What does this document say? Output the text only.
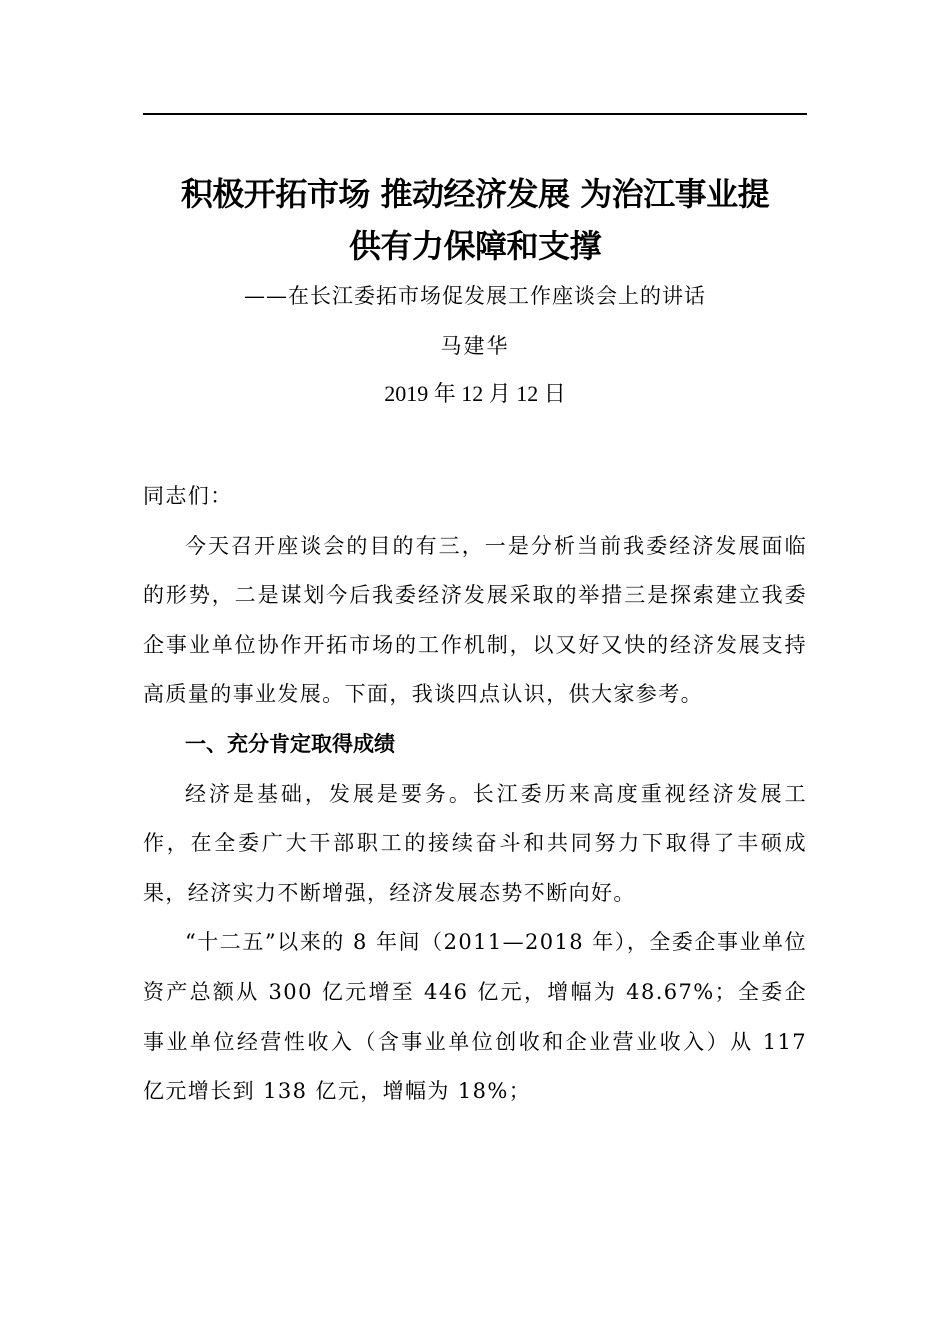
积极开拓市场 推动经济发展 为治江事业提
供有力保障和支撑
——在长江委拓市场促发展工作座谈会上的讲话
马建华
2019 年 12 月 12 日

同志们：

今天召开座谈会的目的有三，一是分析当前我委经济发展面临的形势，二是谋划今后我委经济发展采取的举措三是探索建立我委企事业单位协作开拓市场的工作机制，以又好又快的经济发展支持高质量的事业发展。下面，我谈四点认识，供大家参考。

一、充分肯定取得成绩

经济是基础，发展是要务。长江委历来高度重视经济发展工作，在全委广大干部职工的接续奋斗和共同努力下取得了丰硕成果，经济实力不断增强，经济发展态势不断向好。

“十二五”以来的 8 年间（2011—2018 年），全委企事业单位资产总额从 300 亿元增至 446 亿元，增幅为 48.67%；全委企事业单位经营性收入（含事业单位创收和企业营业收入）从 117 亿元增长到 138 亿元，增幅为 18%；
